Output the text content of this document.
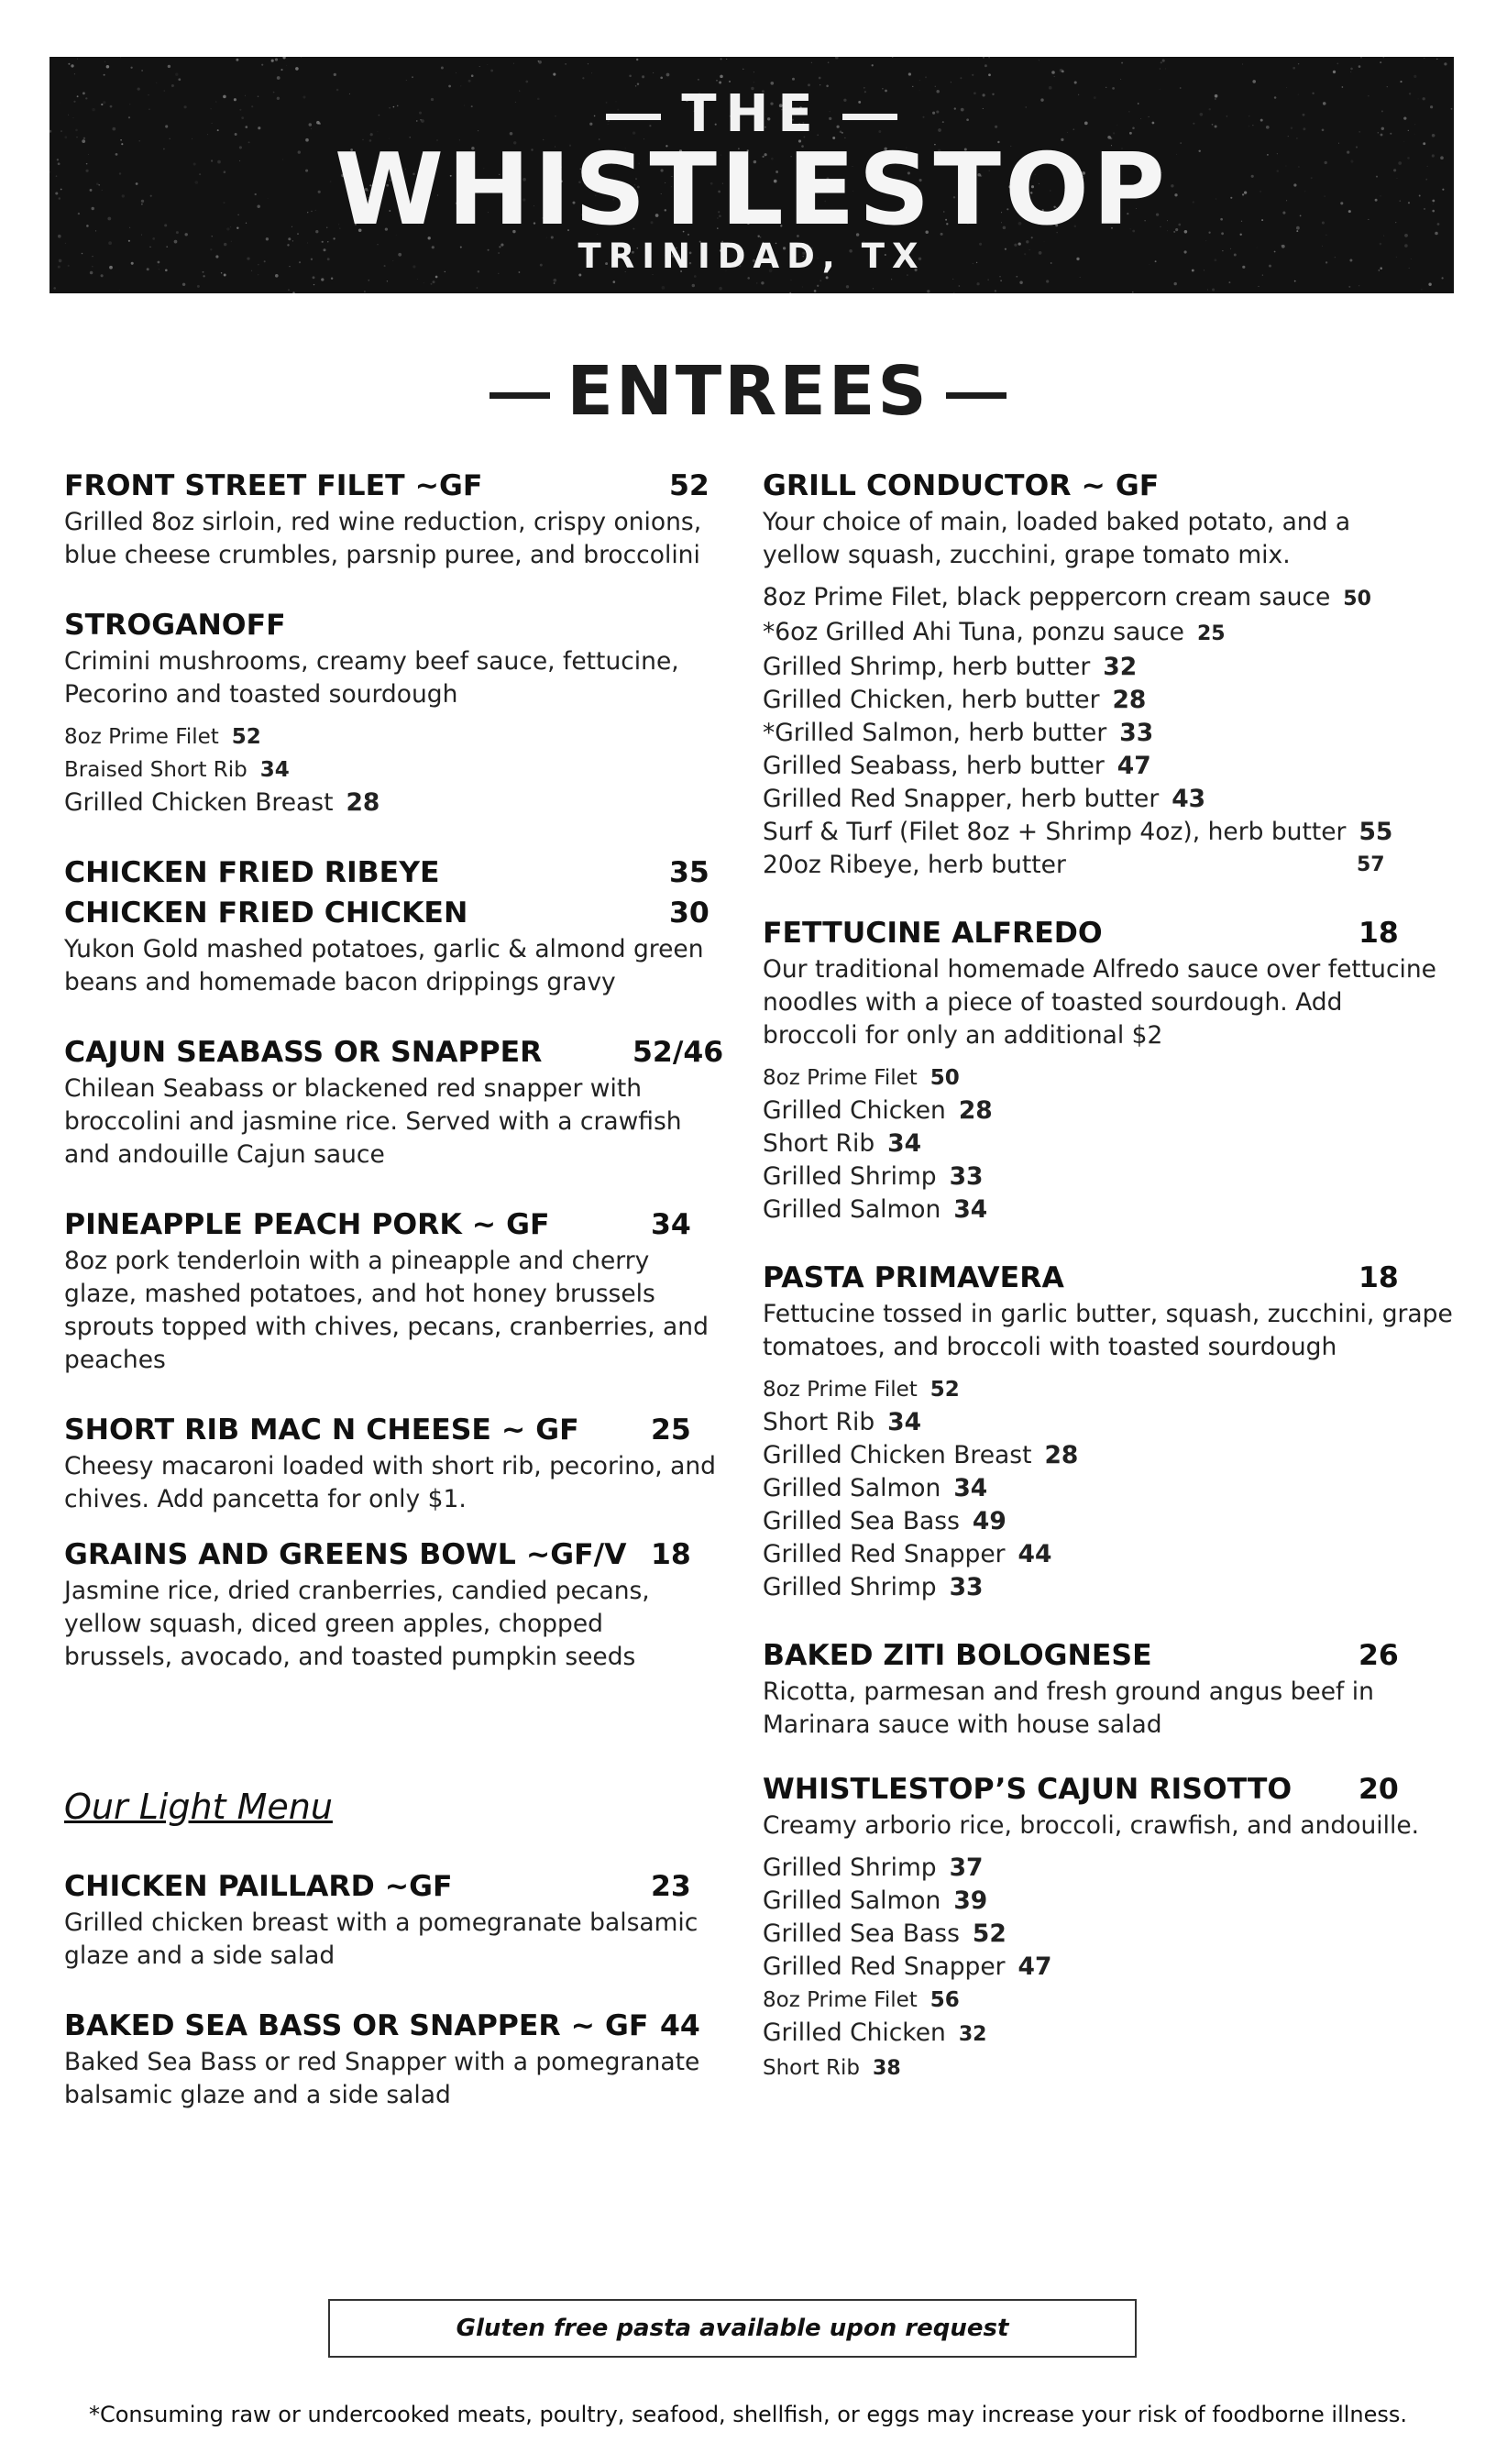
THE
WHISTLESTOP
TRINIDAD, TX
ENTREES
FRONT STREET FILET ~GF	52
Grilled 8oz sirloin, red wine reduction, crispy onions,
blue cheese crumbles, parsnip puree, and broccolini
STROGANOFF
Crimini mushrooms, creamy beef sauce, fettucine,
Pecorino and toasted sourdough
8oz Prime Filet 52
Braised Short Rib 34
Grilled Chicken Breast 28
CHICKEN FRIED RIBEYE	35
CHICKEN FRIED CHICKEN	30
Yukon Gold mashed potatoes, garlic & almond green
beans and homemade bacon drippings gravy
CAJUN SEABASS OR SNAPPER	52/46
Chilean Seabass or blackened red snapper with
broccolini and jasmine rice. Served with a crawfish
and andouille Cajun sauce
PINEAPPLE PEACH PORK ~ GF	34
8oz pork tenderloin with a pineapple and cherry
glaze, mashed potatoes, and hot honey brussels
sprouts topped with chives, pecans, cranberries, and
peaches
SHORT RIB MAC N CHEESE ~ GF 25
Cheesy macaroni loaded with short rib, pecorino, and
chives. Add pancetta for only $1.
GRAINS AND GREENS BOWL ~GF/V 18
Jasmine rice, dried cranberries, candied pecans,
yellow squash, diced green apples, chopped
brussels, avocado, and toasted pumpkin seeds
Our Light Menu
CHICKEN PAILLARD ~GF	23
Grilled chicken breast with a pomegranate balsamic
glaze and a side salad
BAKED SEA BASS OR SNAPPER ~ GF 44
Baked Sea Bass or red Snapper with a pomegranate
balsamic glaze and a side salad
GRILL CONDUCTOR ~ GF
Your choice of main, loaded baked potato, and a
yellow squash, zucchini, grape tomato mix.
8oz Prime Filet, black peppercorn cream sauce 50
*6oz Grilled Ahi Tuna, ponzu sauce 25
Grilled Shrimp, herb butter 32
Grilled Chicken, herb butter 28
*Grilled Salmon, herb butter 33
Grilled Seabass, herb butter 47
Grilled Red Snapper, herb butter 43
Surf & Turf (Filet 8oz + Shrimp 4oz), herb butter 55
20oz Ribeye, herb butter	57
FETTUCINE ALFREDO	18
Our traditional homemade Alfredo sauce over fettucine
noodles with a piece of toasted sourdough. Add
broccoli for only an additional $2
8oz Prime Filet 50
Grilled Chicken 28
Short Rib 34
Grilled Shrimp 33
Grilled Salmon 34
PASTA PRIMAVERA	18
Fettucine tossed in garlic butter, squash, zucchini, grape
tomatoes, and broccoli with toasted sourdough
8oz Prime Filet 52
Short Rib 34
Grilled Chicken Breast 28
Grilled Salmon 34
Grilled Sea Bass 49
Grilled Red Snapper 44
Grilled Shrimp 33
BAKED ZITI BOLOGNESE	26
Ricotta, parmesan and fresh ground angus beef in
Marinara sauce with house salad
WHISTLESTOP’S CAJUN RISOTTO 20
Creamy arborio rice, broccoli, crawfish, and andouille.
Grilled Shrimp 37
Grilled Salmon 39
Grilled Sea Bass 52
Grilled Red Snapper 47
8oz Prime Filet 56
Grilled Chicken 32
Short Rib 38
Gluten free pasta available upon request
*Consuming raw or undercooked meats, poultry, seafood, shellfish, or eggs may increase your risk of foodborne illness.
